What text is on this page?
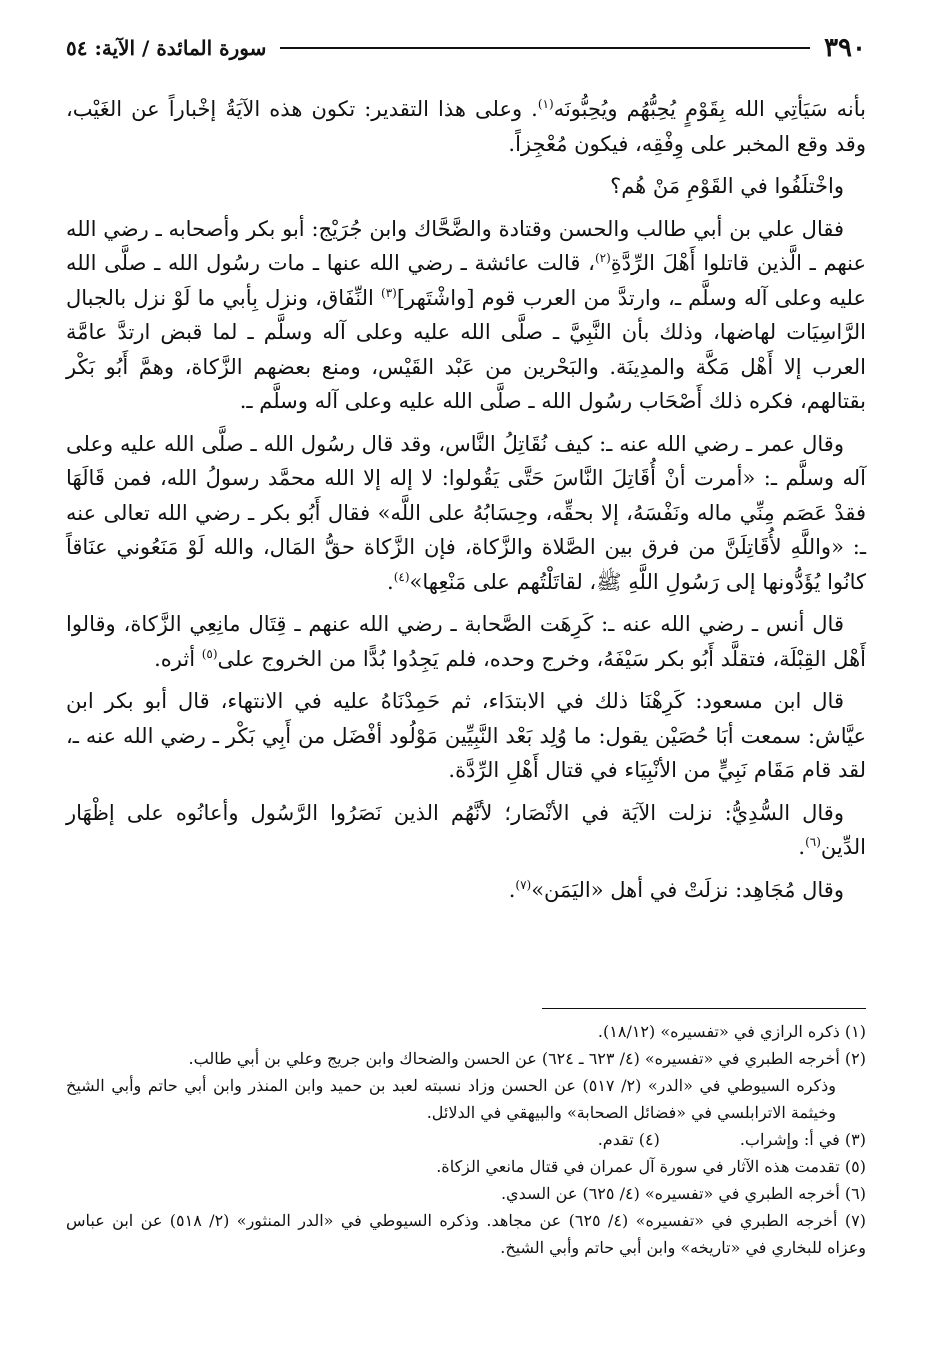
٣٩٠
سورة المائدة / الآية: ٥٤

بأنه سَيَأتِي الله بِقَوْمٍ يُحِبُّهُم ويُحِبُّونَه$^{(١)}$. وعلى هذا التقدير: تكون هذه الآيَةُ إخْباراً عن الغَيْب، وقد وقع المخبر على وِفْقِه، فيكون مُعْجِزاً.

واخْتلَفُوا في القَوْمِ مَنْ هُم؟

فقال علي بن أبي طالب والحسن وقتادة والضَّحَّاك وابن جُرَيْج: أبو بكر وأصحابه ـ رضي الله عنهم ـ الَّذين قاتلوا أَهْلَ الرِّدَّةِ$^{(٢)}$، قالت عائشة ـ رضي الله عنها ـ مات رسُول الله ـ صلَّى الله عليه وعلى آله وسلَّم ـ، وارتدَّ من العرب قوم [واشْتَهر]$^{(٣)}$ النِّفَاق، ونزل بِأبي ما لَوْ نزل بالجبال الرَّاسِيَات لهاضها، وذلك بأن النَّبِيَّ ـ صلَّى الله عليه وعلى آله وسلَّم ـ لما قبض ارتدَّ عامَّة العرب إلا أَهْل مَكَّة والمدِينَة. والبَحْرين من عَبْد القَيْس، ومنع بعضهم الزَّكاة، وهمَّ أَبُو بَكْر بقتالهم، فكره ذلك أَصْحَاب رسُول الله ـ صلَّى الله عليه وعلى آله وسلَّم ـ.

وقال عمر ـ رضي الله عنه ـ: كيف نُقَاتِلُ النَّاس، وقد قال رسُول الله ـ صلَّى الله عليه وعلى آله وسلَّم ـ: «أمرت أنْ أُقَاتِلَ النَّاسَ حَتَّى يَقُولوا: لا إله إلا الله محمَّد رسولُ الله، فمن قَالَهَا فقدْ عَصَم مِنِّي ماله ونَفْسَهُ، إلا بحقِّه، وحِسَابُهُ على اللَّه» فقال أَبُو بكر ـ رضي الله تعالى عنه ـ: «واللَّهِ لأُقَاتِلَنَّ من فرق بين الصَّلاة والزَّكاة، فإن الزَّكاة حقُّ المَال، والله لَوْ مَنَعُوني عنَاقاً كانُوا يُؤَدُّونها إلى رَسُولِ اللَّهِ ﷺ، لقاتَلْتُهم على مَنْعِها»$^{(٤)}$.

قال أنس ـ رضي الله عنه ـ: كَرِهَت الصَّحابة ـ رضي الله عنهم ـ قِتَال مانِعِي الزَّكاة، وقالوا أَهْل القِبْلَة، فتقلَّد أَبُو بكر سَيْفَهُ، وخرج وحده، فلم يَجِدُوا بُدًّا من الخروج على$^{(٥)}$ أثره.

قال ابن مسعود: كَرِهْنَا ذلك في الابتدَاء، ثم حَمِدْنَاهُ عليه في الانتهاء، قال أبو بكر ابن عيَّاش: سمعت أبَا حُصَيْن يقول: ما وُلِد بَعْد النَّبِيِّين مَوْلُود أفْضَل من أَبِي بَكْر ـ رضي الله عنه ـ، لقد قام مَقَام نَبِيٍّ من الأنْبِيَاء في قتال أَهْلِ الرِّدَّة.

وقال السُّدِيُّ: نزلت الآيَة في الأنْصَار؛ لأنَّهُم الذين نَصَرُوا الرَّسُول وأعانُوه على إظْهَار الدِّين$^{(٦)}$.

وقال مُجَاهِد: نزلَتْ في أهل «اليَمَن»$^{(٧)}$.

(١) ذكره الرازي في «تفسيره» (١٨/١٢).

(٢) أخرجه الطبري في «تفسيره» (٤/ ٦٢٣ ـ ٦٢٤) عن الحسن والضحاك وابن جريج وعلي بن أبي طالب.

وذكره السيوطي في «الدر» (٢/ ٥١٧) عن الحسن وزاد نسبته لعبد بن حميد وابن المنذر وابن أبي حاتم وأبي الشيخ وخيثمة الاترابلسي في «فضائل الصحابة» والبيهقي في الدلائل.

(٣) في أ: وإشراب.

(٤) تقدم.

(٥) تقدمت هذه الآثار في سورة آل عمران في قتال مانعي الزكاة.

(٦) أخرجه الطبري في «تفسيره» (٤/ ٦٢٥) عن السدي.

(٧) أخرجه الطبري في «تفسيره» (٤/ ٦٢٥) عن مجاهد. وذكره السيوطي في «الدر المنثور» (٢/ ٥١٨) عن ابن عباس وعزاه للبخاري في «تاريخه» وابن أبي حاتم وأبي الشيخ.
